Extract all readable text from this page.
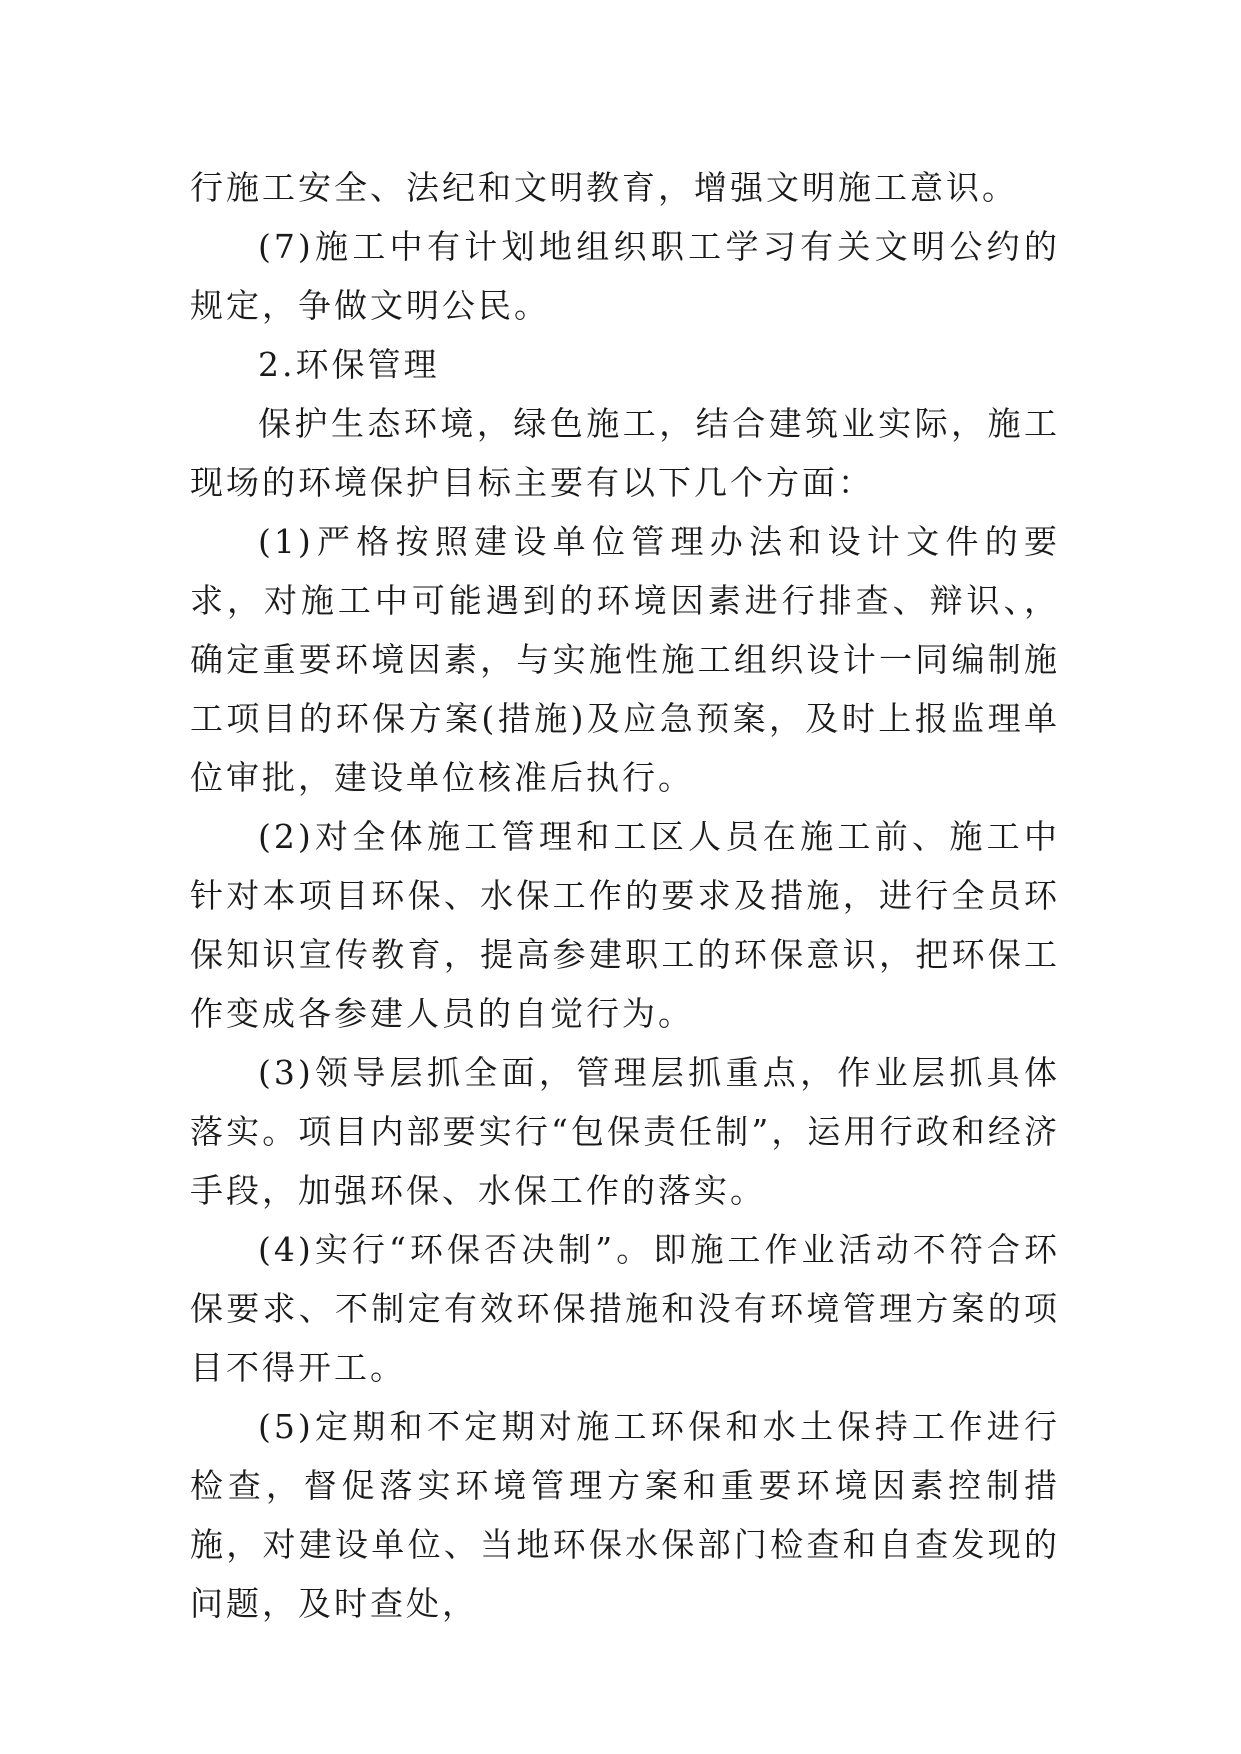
行施工安全、法纪和文明教育，增强文明施工意识。

(7)施工中有计划地组织职工学习有关文明公约的规定，争做文明公民。

2.环保管理

保护生态环境，绿色施工，结合建筑业实际，施工现场的环境保护目标主要有以下几个方面：

(1)严格按照建设单位管理办法和设计文件的要求，对施工中可能遇到的环境因素进行排查、辩识、，确定重要环境因素，与实施性施工组织设计一同编制施工项目的环保方案(措施)及应急预案，及时上报监理单位审批，建设单位核准后执行。

(2)对全体施工管理和工区人员在施工前、施工中针对本项目环保、水保工作的要求及措施，进行全员环保知识宣传教育，提高参建职工的环保意识，把环保工作变成各参建人员的自觉行为。

(3)领导层抓全面，管理层抓重点，作业层抓具体落实。项目内部要实行“包保责任制”，运用行政和经济手段，加强环保、水保工作的落实。

(4)实行“环保否决制”。即施工作业活动不符合环保要求、不制定有效环保措施和没有环境管理方案的项目不得开工。

(5)定期和不定期对施工环保和水土保持工作进行检查，督促落实环境管理方案和重要环境因素控制措施，对建设单位、当地环保水保部门检查和自查发现的问题，及时查处，
